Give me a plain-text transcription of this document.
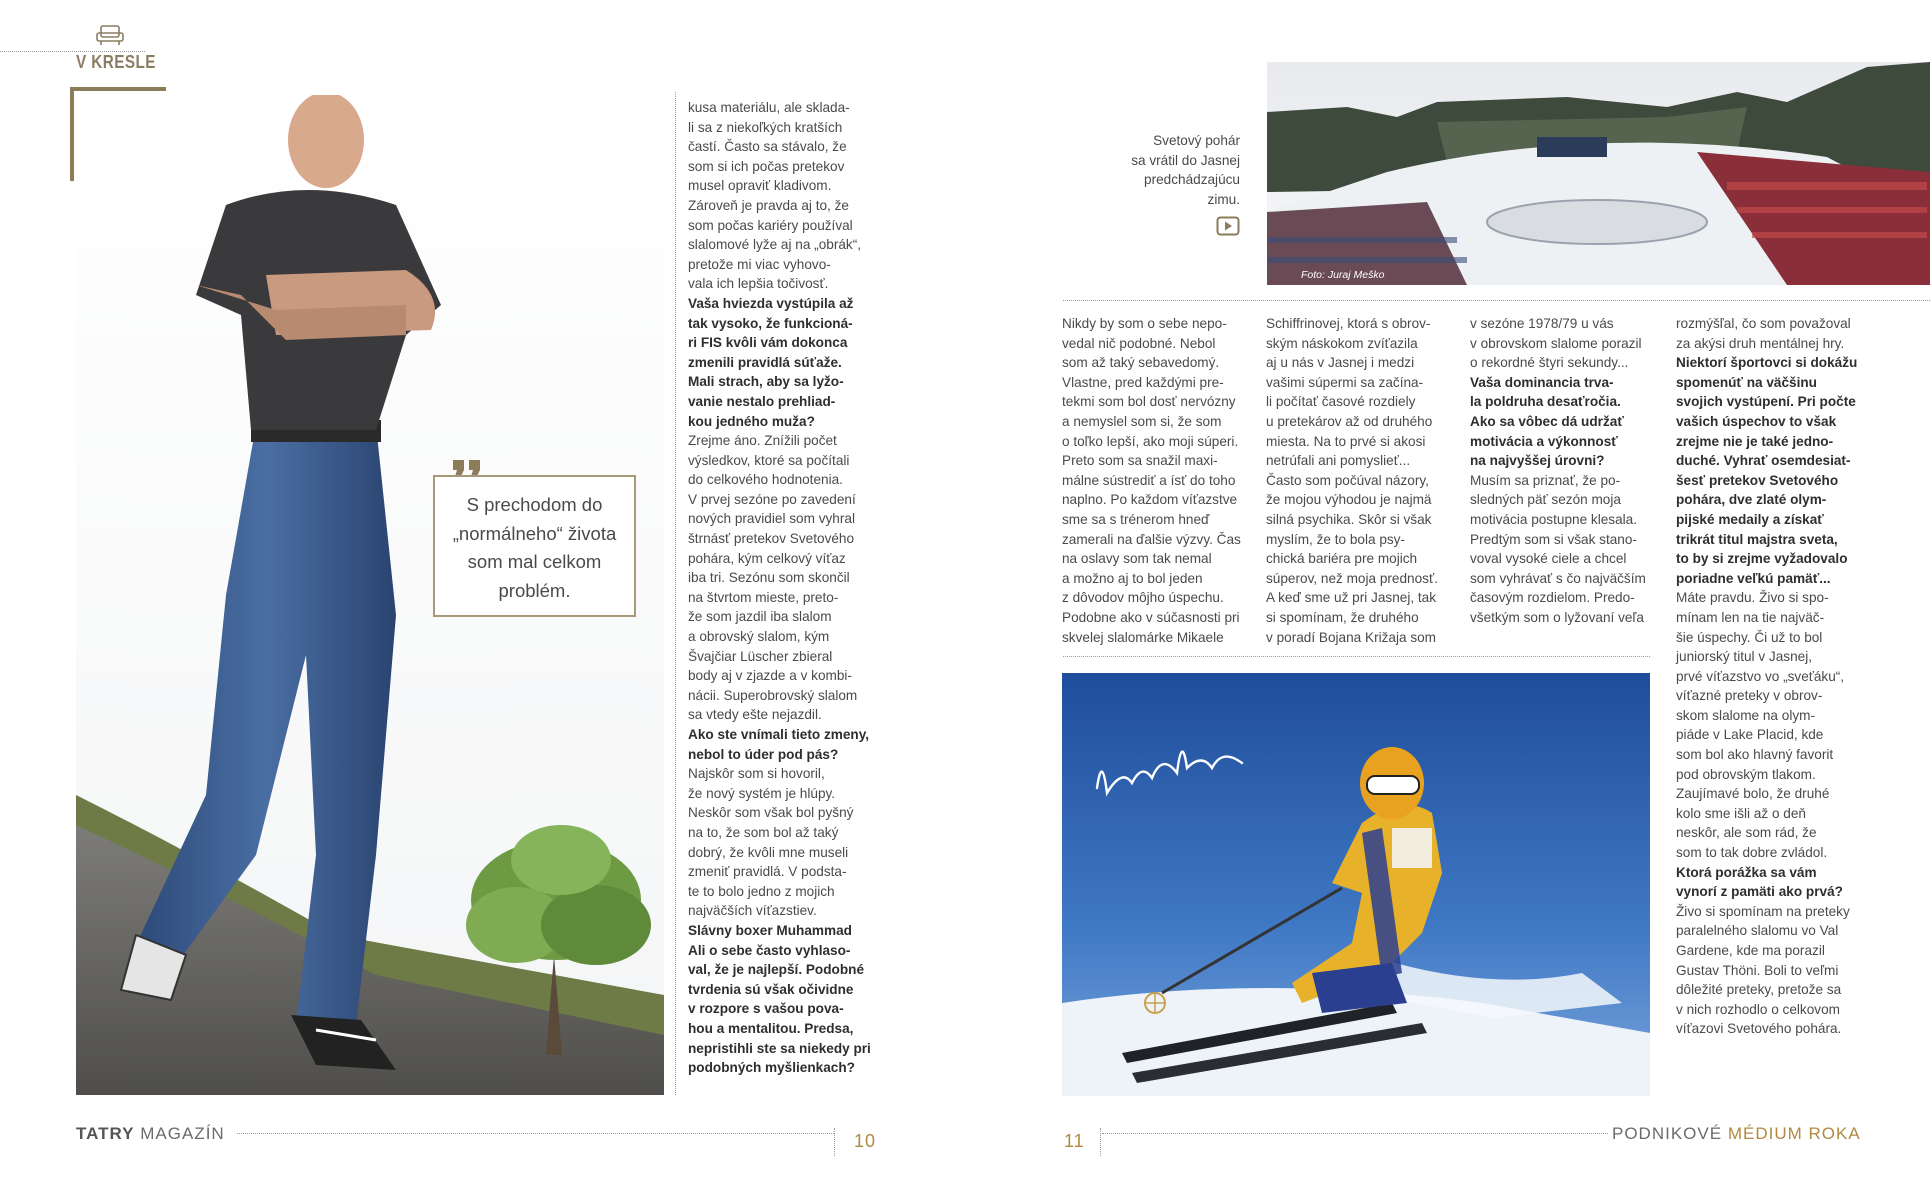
V KRESLE
S prechodom do
„normálneho“ života
som mal celkom
problém.
kusa materiálu, ale sklada-
li sa z niekoľkých kratších
častí. Často sa stávalo, že
som si ich počas pretekov
musel opraviť kladivom.
Zároveň je pravda aj to, že
som počas kariéry používal
slalomové lyže aj na „obrák“,
pretože mi viac vyhovo-
vala ich lepšia točivosť.
Vaša hviezda vystúpila až
tak vysoko, že funkcioná-
ri FIS kvôli vám dokonca
zmenili pravidlá súťaže.
Mali strach, aby sa lyžo-
vanie nestalo prehliad-
kou jedného muža?
Zrejme áno. Znížili počet
výsledkov, ktoré sa počítali
do celkového hodnotenia.
V prvej sezóne po zavedení
nových pravidiel som vyhral
štrnásť pretekov Svetového
pohára, kým celkový víťaz
iba tri. Sezónu som skončil
na štvrtom mieste, preto-
že som jazdil iba slalom
a obrovský slalom, kým
Švajčiar Lüscher zbieral
body aj v zjazde a v kombi-
nácii. Superobrovský slalom
sa vtedy ešte nejazdil.
Ako ste vnímali tieto zmeny,
nebol to úder pod pás?
Najskôr som si hovoril,
že nový systém je hlúpy.
Neskôr som však bol pyšný
na to, že som bol až taký
dobrý, že kvôli mne museli
zmeniť pravidlá. V podsta-
te to bolo jedno z mojich
najväčších víťazstiev.
Slávny boxer Muhammad
Ali o sebe často vyhlaso-
val, že je najlepší. Podobné
tvrdenia sú však očividne
v rozpore s vašou pova-
hou a mentalitou. Predsa,
nepristihli ste sa niekedy pri
podobných myšlienkach?
Svetový pohár
sa vrátil do Jasnej
predchádzajúcu
zimu.
Foto: Juraj Meško
Nikdy by som o sebe nepo-
vedal nič podobné. Nebol
som až taký sebavedomý.
Vlastne, pred každými pre-
tekmi som bol dosť nervózny
a nemyslel som si, že som
o toľko lepší, ako moji súperi.
Preto som sa snažil maxi-
málne sústrediť a ísť do toho
naplno. Po každom víťazstve
sme sa s trénerom hneď
zamerali na ďalšie výzvy. Čas
na oslavy som tak nemal
a možno aj to bol jeden
z dôvodov môjho úspechu.
Podobne ako v súčasnosti pri
skvelej slalomárke Mikaele
Schiffrinovej, ktorá s obrov-
ským náskokom zvíťazila
aj u nás v Jasnej i medzi
vašimi súpermi sa začína-
li počítať časové rozdiely
u pretekárov až od druhého
miesta. Na to prvé si akosi
netrúfali ani pomyslieť...
Často som počúval názory,
že mojou výhodou je najmä
silná psychika. Skôr si však
myslím, že to bola psy-
chická bariéra pre mojich
súperov, než moja prednosť.
A keď sme už pri Jasnej, tak
si spomínam, že druhého
v poradí Bojana Križaja som
v sezóne 1978/79 u vás
v obrovskom slalome porazil
o rekordné štyri sekundy...
Vaša dominancia trva-
la poldruha desaťročia.
Ako sa vôbec dá udržať
motivácia a výkonnosť
na najvyššej úrovni?
Musím sa priznať, že po-
sledných päť sezón moja
motivácia postupne klesala.
Predtým som si však stano-
voval vysoké ciele a chcel
som vyhrávať s čo najväčším
časovým rozdielom. Predo-
všetkým som o lyžovaní veľa
rozmýšľal, čo som považoval
za akýsi druh mentálnej hry.
Niektorí športovci si dokážu
spomenúť na väčšinu
svojich vystúpení. Pri počte
vašich úspechov to však
zrejme nie je také jedno-
duché. Vyhrať osemdesiat-
šesť pretekov Svetového
pohára, dve zlaté olym-
pijské medaily a získať
trikrát titul majstra sveta,
to by si zrejme vyžadovalo
poriadne veľkú pamäť...
Máte pravdu. Živo si spo-
mínam len na tie najväč-
šie úspechy. Či už to bol
juniorský titul v Jasnej,
prvé víťazstvo vo „sveťáku“,
víťazné preteky v obrov-
skom slalome na olym-
piáde v Lake Placid, kde
som bol ako hlavný favorit
pod obrovským tlakom.
Zaujímavé bolo, že druhé
kolo sme išli až o deň
neskôr, ale som rád, že
som to tak dobre zvládol.
Ktorá porážka sa vám
vynorí z pamäti ako prvá?
Živo si spomínam na preteky
paralelného slalomu vo Val
Gardene, kde ma porazil
Gustav Thöni. Boli to veľmi
dôležité preteky, pretože sa
v nich rozhodlo o celkovom
víťazovi Svetového pohára.
TATRY MAGAZÍN	10	11	PODNIKOVÉ MÉDIUM ROKA
